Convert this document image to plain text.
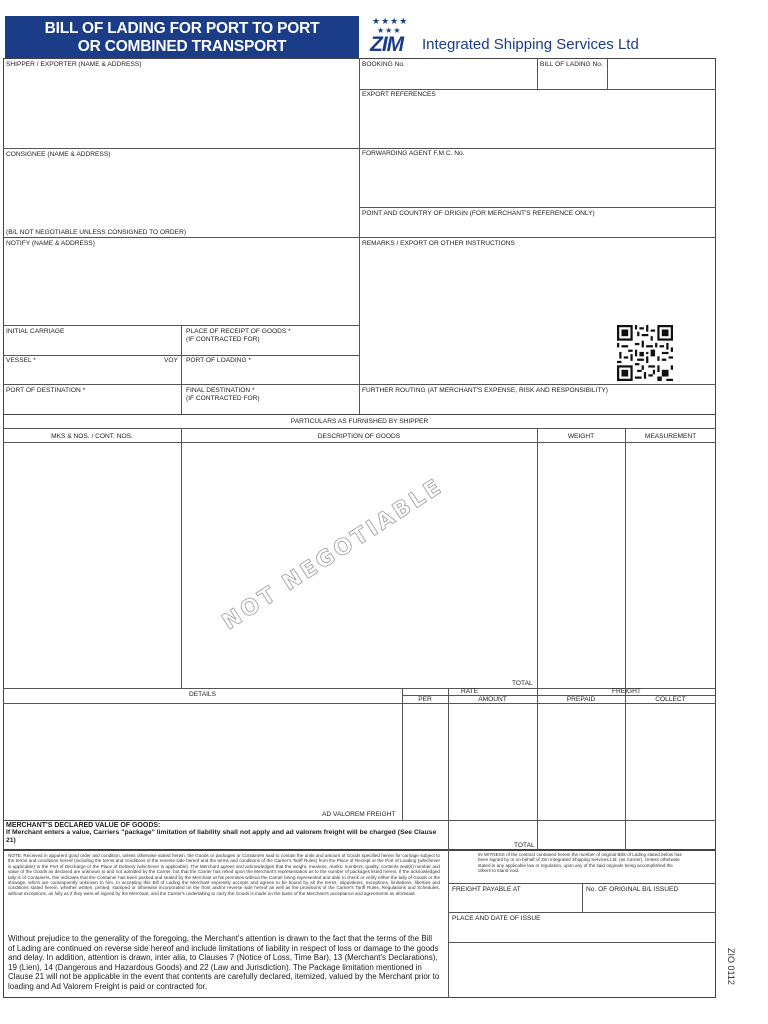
BILL OF LADING FOR PORT TO PORT
OR COMBINED TRANSPORT
★★★★
★★★
ZIM Integrated Shipping Services Ltd
SHIPPER / EXPORTER (NAME & ADDRESS)	BOOKING No.	BILL OF LADING No.
EXPORT REFERENCES
CONSIGNEE (NAME & ADDRESS)
(B/L NOT NEGOTIABLE UNLESS CONSIGNED TO ORDER)
FORWARDING AGENT F.M.C. No.
POINT AND COUNTRY OF ORIGIN (FOR MERCHANT'S REFERENCE ONLY)
NOTIFY (NAME & ADDRESS)	REMARKS / EXPORT OR OTHER INSTRUCTIONS
INITIAL CARRIAGE	PLACE OF RECEIPT OF GOODS *
(IF CONTRACTED FOR)
VESSEL *	VOY PORT OF LOADING *
PORT OF DESTINATION *	FINAL DESTINATION *
(IF CONTRACTED FOR)
FURTHER ROUTING (AT MERCHANT'S EXPENSE, RISK AND RESPONSIBILITY)
PARTICULARS AS FURNISHED BY SHIPPER
MKS & NOS. / CONT. NOS.	DESCRIPTION OF GOODS	WEIGHT	MEASUREMENT
NOT NEGOTIABLE
TOTAL
DETAILS	RATE	FREIGHT
PER	AMOUNT	PREPAID	COLLECT
AD VALOREM FREIGHT
MERCHANT'S DECLARED VALUE OF GOODS:
If Merchant enters a value, Carriers "package" limitation of liability shall not apply and ad valorem freight will be charged (See Clause 21)
TOTAL
NOTE: Received in apparent good order and condition, unless otherwise stated herein, the Goods or packages or Containers said to contain the units and amount of Goods specified herein for carriage subject to the terms and conditions hereof (including the terms and conditions of the reverse side hereof and the terms and conditions of the Carrier's Tariff Rules) from the Place of Receipt or the Port of Loading (whichever is applicable) to the Port of Discharge or the Place of Delivery (whichever is applicable). The Merchant agrees and acknowledges that the weight, measure, marks, numbers, quality, contents seal(s) number and value of the Goods as declared are unknown to and not admitted by the Carrier, but that the Carrier has relied upon the Merchant's representation as to the number of packages listed herein. If the acknowledged tally is of Containers, this indicates that the Container has been packed and sealed by the Merchant at his premises without the Carrier being represented and able to check or verify either the tally of Goods or the stowage, which are consequently unknown to him. In accepting this Bill of Lading the Merchant expressly accepts and agrees to be bound by all the terms, stipulations, exceptions, limitations, liberties and conditions stated herein, whether written, printed, stamped or otherwise incorporated on the front and/or reverse side hereof as well as the provisions of the Carrier's Tariff Rules, Regulations and Schedules, without exceptions, as fully as if they were all signed by the Merchant, and the Carrier's undertaking to carry the Goods is made on the basis of the Merchant's acceptance and agreements as aforesaid.
Without prejudice to the generality of the foregoing, the Merchant's attention is drawn to the fact that the terms of the Bill of Lading are continued on reverse side hereof and include limitations of liability in respect of loss or damage to the goods and delay. In addition, attention is drawn, inter alia, to Clauses 7 (Notice of Loss, Time Bar), 13 (Merchant's Declarations), 19 (Lien), 14 (Dangerous and Hazardous Goods) and 22 (Law and Jurisdiction). The Package limitation mentioned in Clause 21 will not be applicable in the event that contents are carefully declared, itemized, valued by the Merchant prior to loading and Ad Valorem Freight is paid or contracted for.
IN WITNESS of the contract contained herein the number of original Bills of Lading stated below has been signed by or on behalf of Zim Integrated Shipping Services Ltd. (as Carrier). Unless otherwise stated in any applicable law or regulation, upon any of the said originals being accomplished the others to stand void.
FREIGHT PAYABLE AT	No. OF ORIGINAL B/L ISSUED
PLACE AND DATE OF ISSUE
ZIO 0112
